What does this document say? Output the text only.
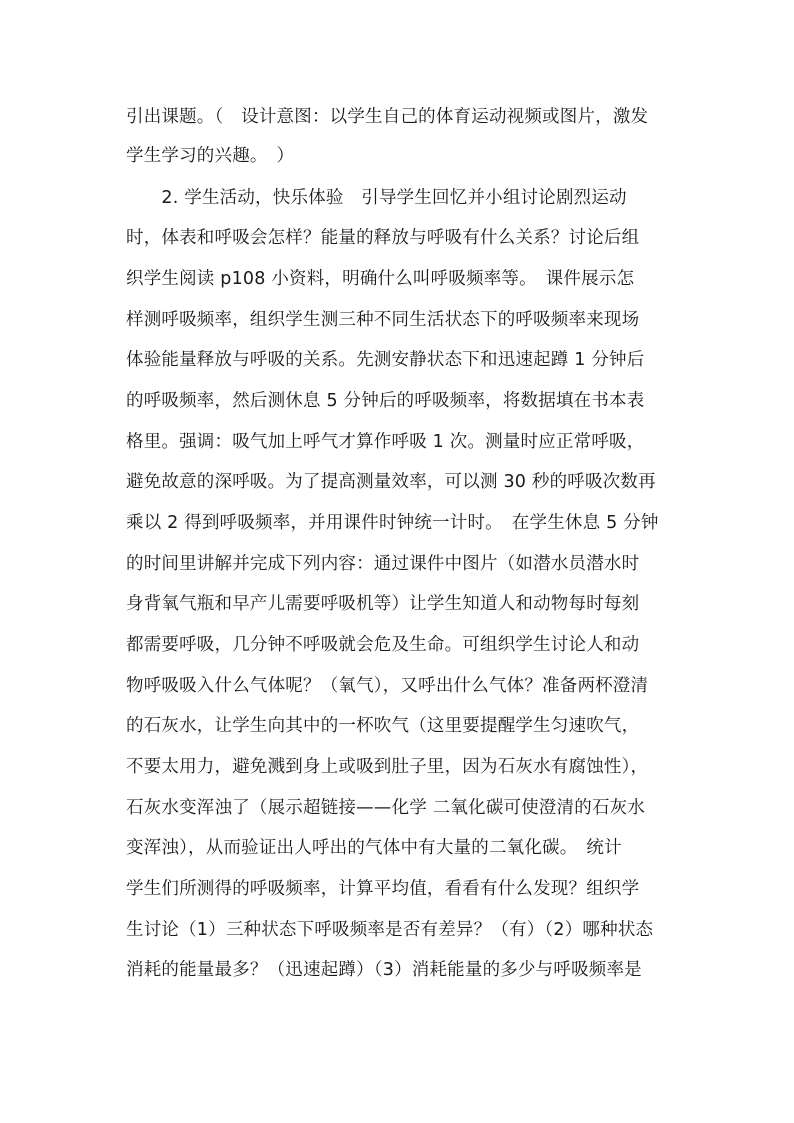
引出课题。（　设计意图：以学生自己的体育运动视频或图片，激发
学生学习的兴趣。　）
　　2. 学生活动，快乐体验　引导学生回忆并小组讨论剧烈运动
时，体表和呼吸会怎样？能量的释放与呼吸有什么关系？讨论后组
织学生阅读 p108 小资料，明确什么叫呼吸频率等。　课件展示怎
样测呼吸频率，组织学生测三种不同生活状态下的呼吸频率来现场
体验能量释放与呼吸的关系。先测安静状态下和迅速起蹲 1 分钟后
的呼吸频率，然后测休息 5 分钟后的呼吸频率，将数据填在书本表
格里。强调：吸气加上呼气才算作呼吸 1 次。测量时应正常呼吸，
避免故意的深呼吸。为了提高测量效率，可以测 30 秒的呼吸次数再
乘以 2 得到呼吸频率，并用课件时钟统一计时。　在学生休息 5 分钟
的时间里讲解并完成下列内容：通过课件中图片（如潜水员潜水时
身背氧气瓶和早产儿需要呼吸机等）让学生知道人和动物每时每刻
都需要呼吸，几分钟不呼吸就会危及生命。可组织学生讨论人和动
物呼吸吸入什么气体呢？（氧气），又呼出什么气体？准备两杯澄清
的石灰水，让学生向其中的一杯吹气（这里要提醒学生匀速吹气，
不要太用力，避免溅到身上或吸到肚子里，因为石灰水有腐蚀性），
石灰水变浑浊了（展示超链接——化学 二氧化碳可使澄清的石灰水
变浑浊），从而验证出人呼出的气体中有大量的二氧化碳。　统计
学生们所测得的呼吸频率，计算平均值，看看有什么发现？组织学
生讨论（1）三种状态下呼吸频率是否有差异？（有）（2）哪种状态
消耗的能量最多？（迅速起蹲）（3）消耗能量的多少与呼吸频率是
